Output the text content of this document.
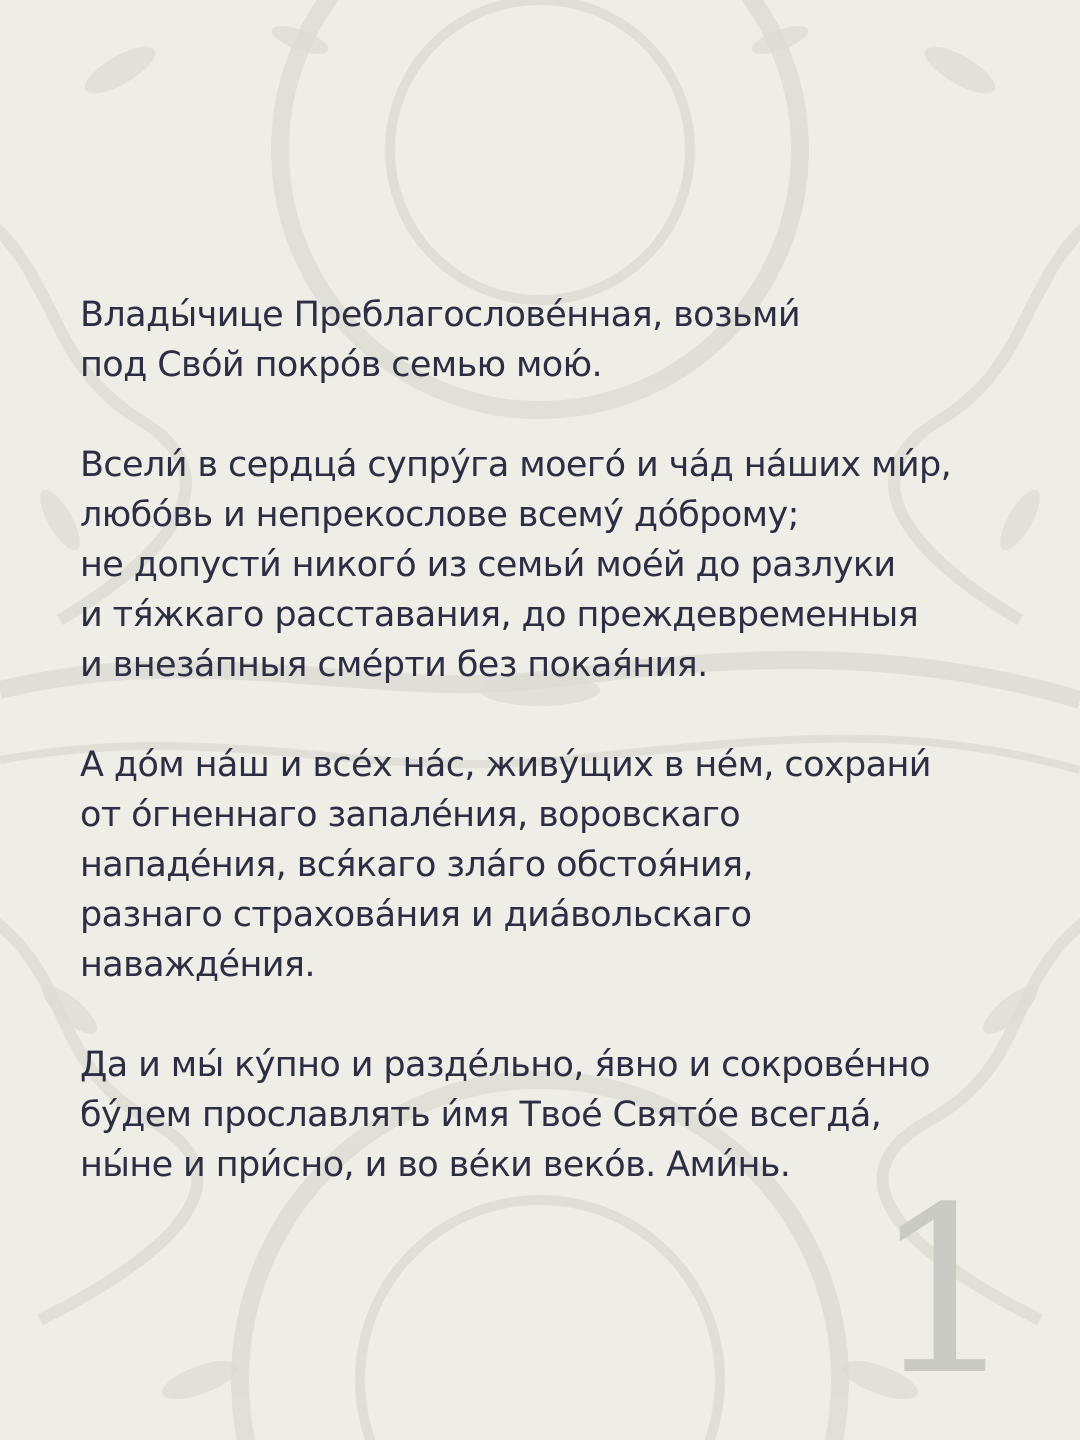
Влады́чице Преблагослове́нная, возьми́
под Сво́й покро́в семью мою́.

Всели́ в сердца́ супру́га моего́ и ча́д на́ших ми́р,
любо́вь и непрекослове всему́ до́брому;
не допусти́ никого́ из семьи́ мое́й до разлуки
и тя́жкаго расставания, до преждевременныя
и внеза́пныя сме́рти без покая́ния.

А до́м на́ш и все́х на́с, живу́щих в не́м, сохрани́
от о́гненнаго запале́ния, воровскаго
нападе́ния, вся́каго зла́го обстоя́ния,
разнаго страхова́ния и диа́вольскаго
наважде́ния.

Да и мы́ ку́пно и разде́льно, я́вно и сокрове́нно
бу́дем прославлять и́мя Твое́ Свято́е всегда́,
ны́не и при́сно, и во ве́ки веко́в. Ами́нь. 1
